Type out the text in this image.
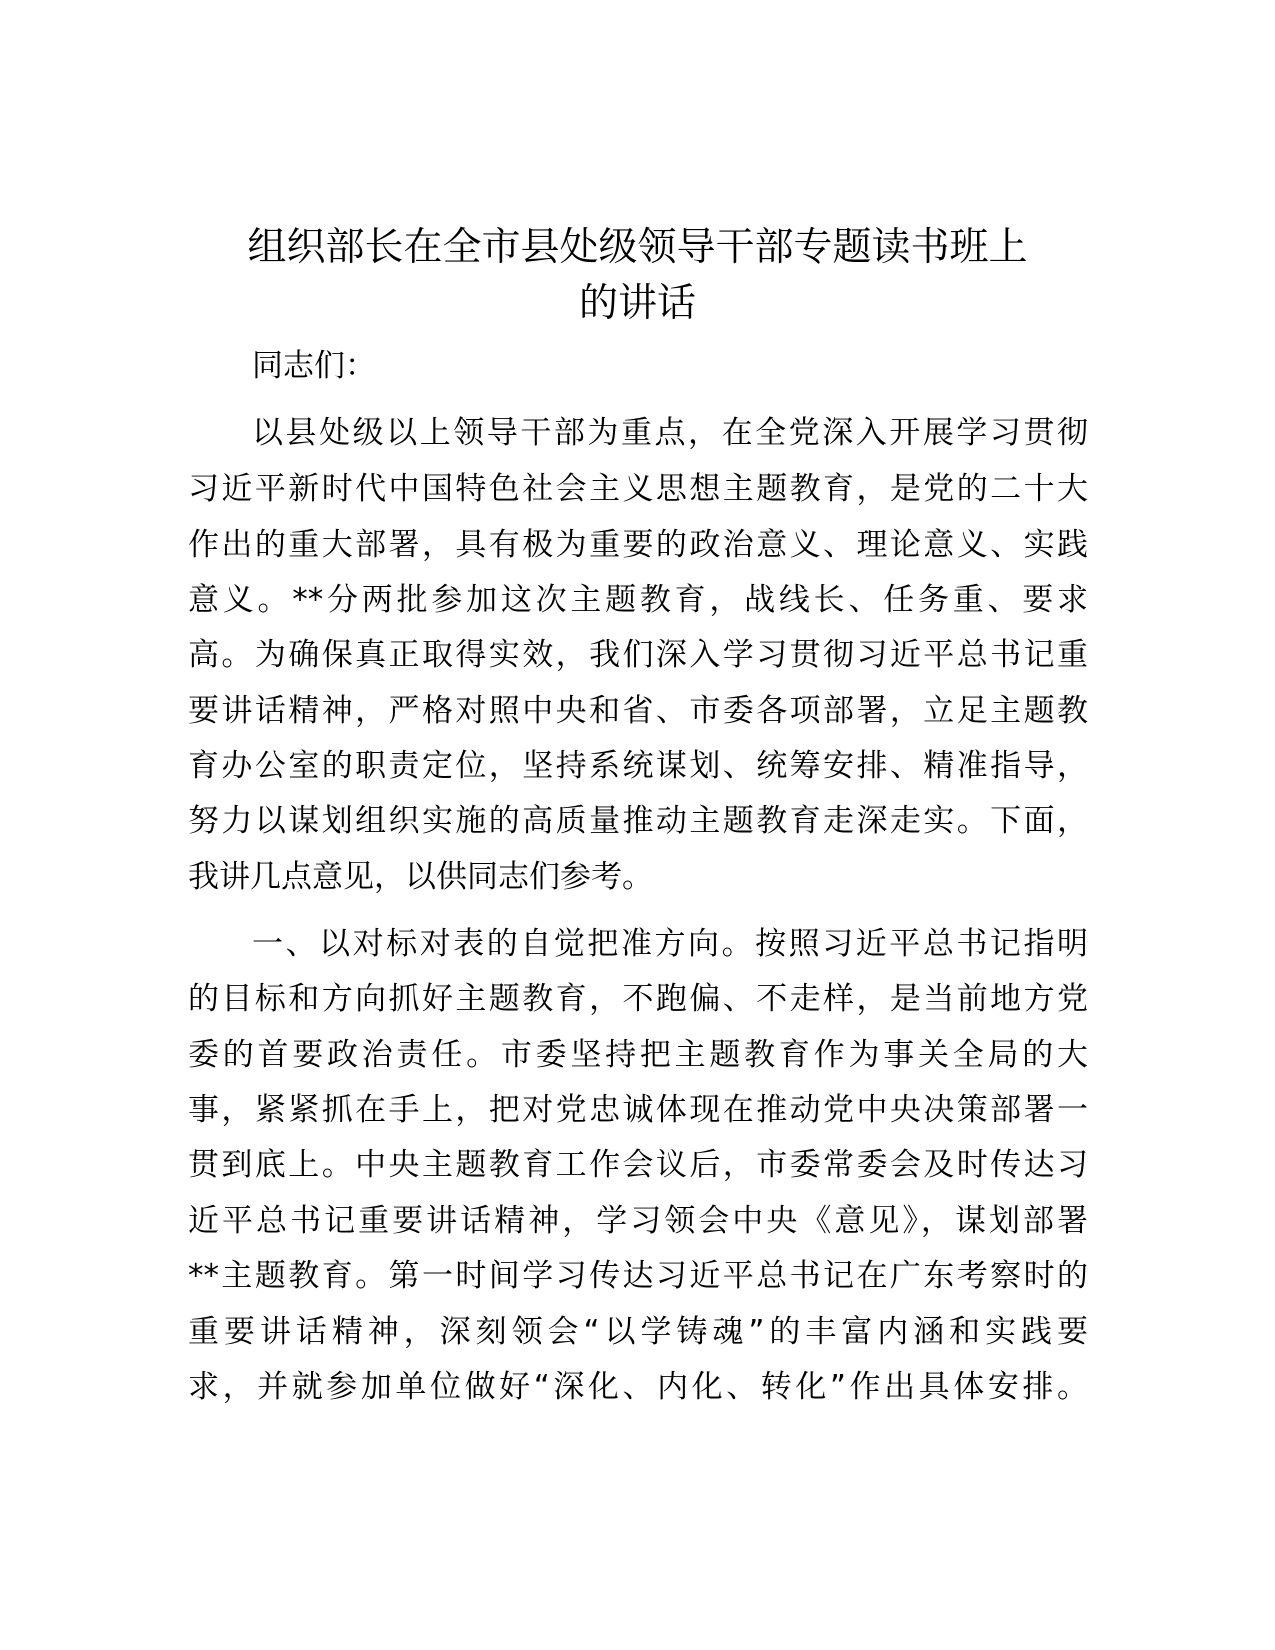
组织部长在全市县处级领导干部专题读书班上
的讲话
同志们：
以县处级以上领导干部为重点，在全党深入开展学习贯彻
习近平新时代中国特色社会主义思想主题教育，是党的二十大
作出的重大部署，具有极为重要的政治意义、理论意义、实践
意义。**分两批参加这次主题教育，战线长、任务重、要求
高。为确保真正取得实效，我们深入学习贯彻习近平总书记重
要讲话精神，严格对照中央和省、市委各项部署，立足主题教
育办公室的职责定位，坚持系统谋划、统筹安排、精准指导，
努力以谋划组织实施的高质量推动主题教育走深走实。下面，
我讲几点意见，以供同志们参考。
一、以对标对表的自觉把准方向。按照习近平总书记指明
的目标和方向抓好主题教育，不跑偏、不走样，是当前地方党
委的首要政治责任。市委坚持把主题教育作为事关全局的大
事，紧紧抓在手上，把对党忠诚体现在推动党中央决策部署一
贯到底上。中央主题教育工作会议后，市委常委会及时传达习
近平总书记重要讲话精神，学习领会中央《意见》，谋划部署
**主题教育。第一时间学习传达习近平总书记在广东考察时的
重要讲话精神，深刻领会“以学铸魂”的丰富内涵和实践要
求，并就参加单位做好“深化、内化、转化”作出具体安排。
